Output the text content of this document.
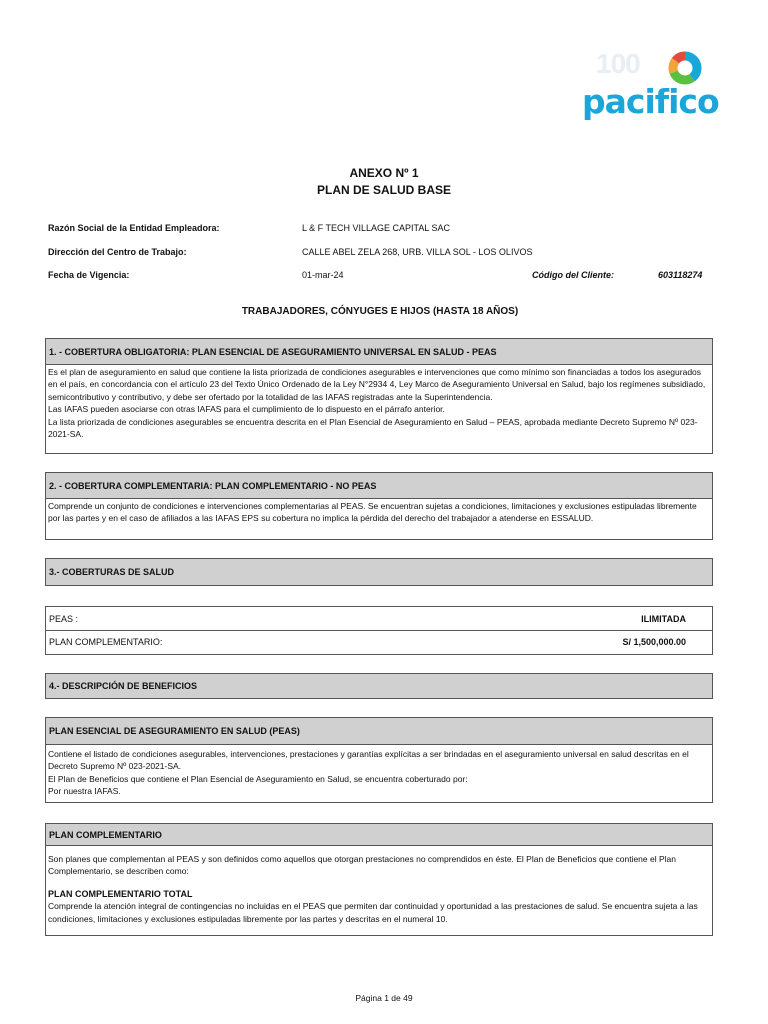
100
pacifico
ANEXO Nº 1
PLAN DE SALUD BASE
Razón Social de la Entidad Empleadora:	L & F TECH VILLAGE CAPITAL SAC
Dirección del Centro de Trabajo:	CALLE ABEL ZELA 268, URB. VILLA SOL - LOS OLIVOS
Fecha de Vigencia:	01-mar-24	Código del Cliente:	603118274
TRABAJADORES, CÓNYUGES E HIJOS (HASTA 18 AÑOS)
1. - COBERTURA OBLIGATORIA: PLAN ESENCIAL DE ASEGURAMIENTO UNIVERSAL EN SALUD - PEAS

Es el plan de aseguramiento en salud que contiene la lista priorizada de condiciones asegurables e intervenciones que como mínimo son financiadas a todos los asegurados en el país, en concordancia con el artículo 23 del Texto Único Ordenado de la Ley N°2934 4, Ley Marco de Aseguramiento Universal en Salud, bajo los regímenes subsidiado, semicontributivo y contributivo, y debe ser ofertado por la totalidad de las IAFAS registradas ante la Superintendencia.

Las IAFAS pueden asociarse con otras IAFAS para el cumplimiento de lo dispuesto en el párrafo anterior.

La lista priorizada de condiciones asegurables se encuentra descrita en el Plan Esencial de Aseguramiento en Salud – PEAS, aprobada mediante Decreto Supremo Nº 023-2021-SA.

2. - COBERTURA COMPLEMENTARIA: PLAN COMPLEMENTARIO - NO PEAS

Comprende un conjunto de condiciones e intervenciones complementarias al PEAS. Se encuentran sujetas a condiciones, limitaciones y exclusiones estipuladas libremente por las partes y en el caso de afiliados a las IAFAS EPS su cobertura no implica la pérdida del derecho del trabajador a atenderse en ESSALUD.

3.- COBERTURAS DE SALUD
PEAS :	ILIMITADA
PLAN COMPLEMENTARIO:	S/ 1,500,000.00
4.- DESCRIPCIÓN DE BENEFICIOS
PLAN ESENCIAL DE ASEGURAMIENTO EN SALUD (PEAS)

Contiene el listado de condiciones asegurables, intervenciones, prestaciones y garantías explícitas a ser brindadas en el aseguramiento universal en salud descritas en el Decreto Supremo Nº 023-2021-SA.

El Plan de Beneficios que contiene el Plan Esencial de Aseguramiento en Salud, se encuentra coberturado por:

Por nuestra IAFAS.

PLAN COMPLEMENTARIO

Son planes que complementan al PEAS y son definidos como aquellos que otorgan prestaciones no comprendidos en éste. El Plan de Beneficios que contiene el Plan Complementario, se describen como:

PLAN COMPLEMENTARIO TOTAL

Comprende la atención integral de contingencias no incluidas en el PEAS que permiten dar continuidad y oportunidad a las prestaciones de salud. Se encuentra sujeta a las condiciones, limitaciones y exclusiones estipuladas libremente por las partes y descritas en el numeral 10.

Página 1 de 49
